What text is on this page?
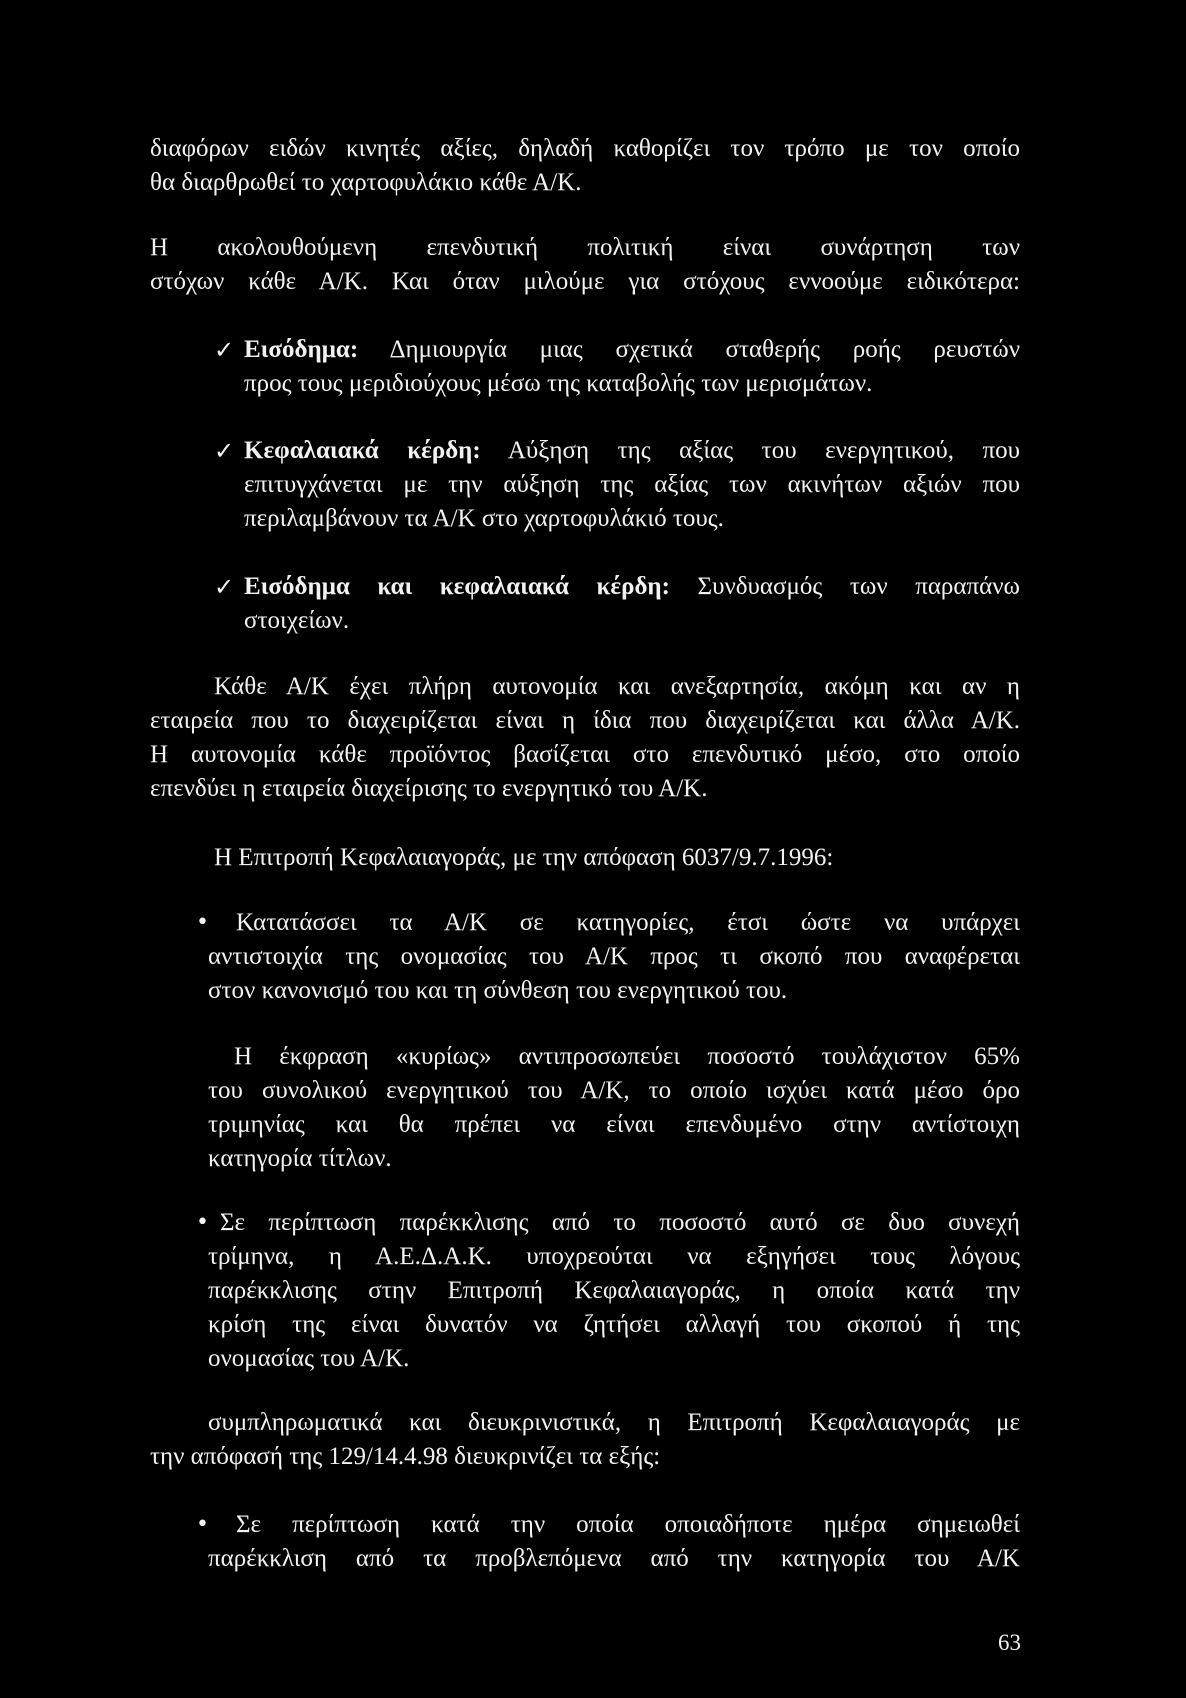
διαφόρων ειδών κινητές αξίες, δηλαδή καθορίζει τον τρόπο με τον οποίο
θα διαρθρωθεί το χαρτοφυλάκιο κάθε Α/Κ.
Η ακολουθούμενη επενδυτική πολιτική είναι συνάρτηση των
στόχων κάθε Α/Κ. Και όταν μιλούμε για στόχους εννοούμε ειδικότερα:
✓ Εισόδημα: Δημιουργία μιας σχετικά σταθερής ροής ρευστών
προς τους μεριδιούχους μέσω της καταβολής των μερισμάτων.
✓ Κεφαλαιακά κέρδη: Αύξηση της αξίας του ενεργητικού, που
επιτυγχάνεται με την αύξηση της αξίας των ακινήτων αξιών που
περιλαμβάνουν τα Α/Κ στο χαρτοφυλάκιό τους.
✓ Εισόδημα και κεφαλαιακά κέρδη: Συνδυασμός των παραπάνω
στοιχείων.
Κάθε Α/Κ έχει πλήρη αυτονομία και ανεξαρτησία, ακόμη και αν η
εταιρεία που το διαχειρίζεται είναι η ίδια που διαχειρίζεται και άλλα Α/Κ.
Η αυτονομία κάθε προϊόντος βασίζεται στο επενδυτικό μέσο, στο οποίο
επενδύει η εταιρεία διαχείρισης το ενεργητικό του Α/Κ.
Η Επιτροπή Κεφαλαιαγοράς, με την απόφαση 6037/9.7.1996:
• Κατατάσσει τα Α/Κ σε κατηγορίες, έτσι ώστε να υπάρχει
αντιστοιχία της ονομασίας του Α/Κ προς τι σκοπό που αναφέρεται
στον κανονισμό του και τη σύνθεση του ενεργητικού του.
Η έκφραση «κυρίως» αντιπροσωπεύει ποσοστό τουλάχιστον 65%
του συνολικού ενεργητικού του Α/Κ, το οποίο ισχύει κατά μέσο όρο
τριμηνίας και θα πρέπει να είναι επενδυμένο στην αντίστοιχη
κατηγορία τίτλων.
• Σε περίπτωση παρέκκλισης από το ποσοστό αυτό σε δυο συνεχή
τρίμηνα, η Α.Ε.Δ.Α.Κ. υποχρεούται να εξηγήσει τους λόγους
παρέκκλισης στην Επιτροπή Κεφαλαιαγοράς, η οποία κατά την
κρίση της είναι δυνατόν να ζητήσει αλλαγή του σκοπού ή της
ονομασίας του Α/Κ.
συμπληρωματικά και διευκρινιστικά, η Επιτροπή Κεφαλαιαγοράς με
την απόφασή της 129/14.4.98 διευκρινίζει τα εξής:
• Σε περίπτωση κατά την οποία οποιαδήποτε ημέρα σημειωθεί
παρέκκλιση από τα προβλεπόμενα από την κατηγορία του Α/Κ
63
